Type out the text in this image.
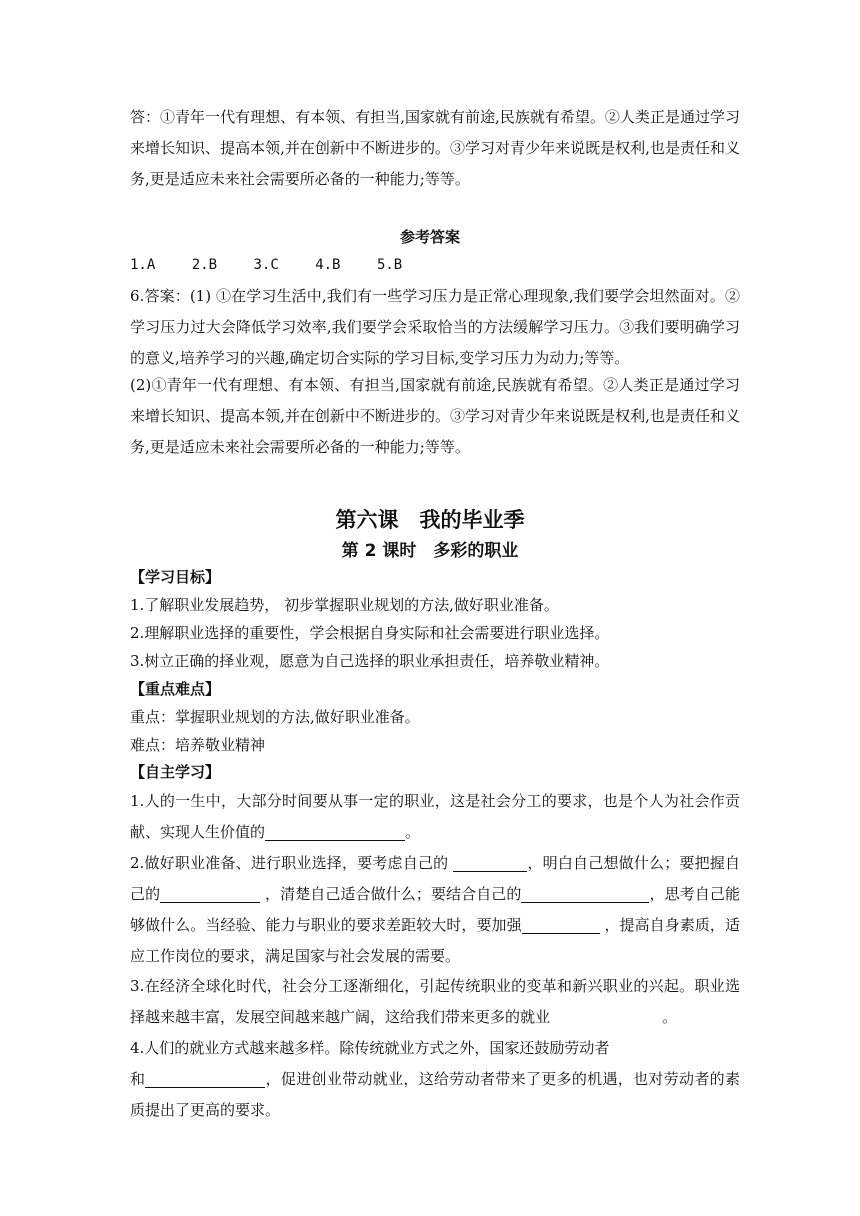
答：①青年一代有理想、有本领、有担当,国家就有前途,民族就有希望。②人类正是通过学习来增长知识、提高本领,并在创新中不断进步的。③学习对青少年来说既是权利,也是责任和义务,更是适应未来社会需要所必备的一种能力;等等。

参考答案

1.A	2.B	3.C	4.B	5.B

6.答案：(1) ①在学习生活中,我们有一些学习压力是正常心理现象,我们要学会坦然面对。②学习压力过大会降低学习效率,我们要学会采取恰当的方法缓解学习压力。③我们要明确学习的意义,培养学习的兴趣,确定切合实际的学习目标,变学习压力为动力;等等。

(2)①青年一代有理想、有本领、有担当,国家就有前途,民族就有希望。②人类正是通过学习来增长知识、提高本领,并在创新中不断进步的。③学习对青少年来说既是权利,也是责任和义务,更是适应未来社会需要所必备的一种能力;等等。

第六课　我的毕业季

第 2 课时　多彩的职业

【学习目标】

1.了解职业发展趋势， 初步掌握职业规划的方法,做好职业准备。

2.理解职业选择的重要性，学会根据自身实际和社会需要进行职业选择。

3.树立正确的择业观，愿意为自己选择的职业承担责任，培养敬业精神。

【重点难点】

重点：掌握职业规划的方法,做好职业准备。

难点：培养敬业精神

【自主学习】

1.人的一生中，大部分时间要从事一定的职业，这是社会分工的要求，也是个人为社会作贡献、实现人生价值的	。

2.做好职业准备、进行职业选择，要考虑自己的	，明白自己想做什么；要把握自己的	，清楚自己适合做什么；要结合自己的	，思考自己能够做什么。当经验、能力与职业的要求差距较大时，要加强	，提高自身素质，适应工作岗位的要求，满足国家与社会发展的需要。

3.在经济全球化时代，社会分工逐渐细化，引起传统职业的变革和新兴职业的兴起。职业选择越来越丰富，发展空间越来越广阔，这给我们带来更多的就业	。

4.人们的就业方式越来越多样。除传统就业方式之外，国家还鼓励劳动者
和	，促进创业带动就业，这给劳动者带来了更多的机遇，也对劳动者的素质提出了更高的要求。
